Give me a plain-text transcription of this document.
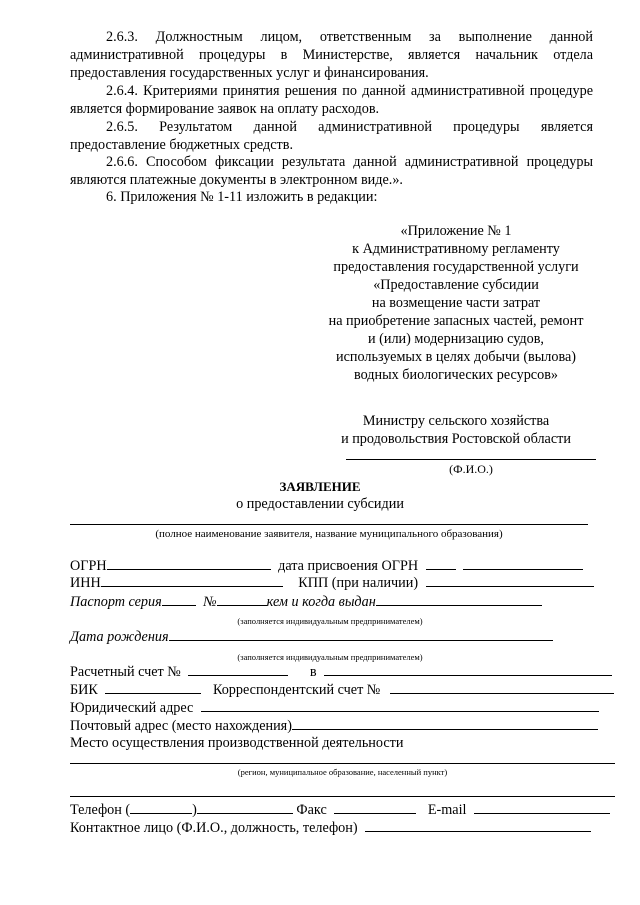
2.6.3. Должностным лицом, ответственным за выполнение данной административной процедуры в Министерстве, является начальник отдела предоставления государственных услуг и финансирования.
2.6.4. Критериями принятия решения по данной административной процедуре является формирование заявок на оплату расходов.
2.6.5. Результатом данной административной процедуры является предоставление бюджетных средств.
2.6.6. Способом фиксации результата данной административной процедуры являются платежные документы в электронном виде.».
6. Приложения № 1-11 изложить в редакции:
«Приложение № 1
к Административному регламенту
предоставления государственной услуги
«Предоставление субсидии
на возмещение части затрат
на приобретение запасных частей, ремонт
и (или) модернизацию судов,
используемых в целях добычи (вылова)
водных биологических ресурсов»
Министру сельского хозяйства
и продовольствия Ростовской области
(Ф.И.О.)
ЗАЯВЛЕНИЕ
о предоставлении субсидии
(полное наименование заявителя, название муниципального образования)
ОГРН	дата присвоения ОГРН
ИНН	КПП (при наличии)
Паспорт серия	№	кем и когда выдан
(заполняется индивидуальным предпринимателем)
Дата рождения
(заполняется индивидуальным предпринимателем)
Расчетный счет №	в
БИК	Корреспондентский счет №
Юридический адрес
Почтовый адрес (место нахождения)
Место осуществления производственной деятельности
(регион, муниципальное образование, населенный пункт)
Телефон (	)	Факс	E-mail
Контактное лицо (Ф.И.О., должность, телефон)
